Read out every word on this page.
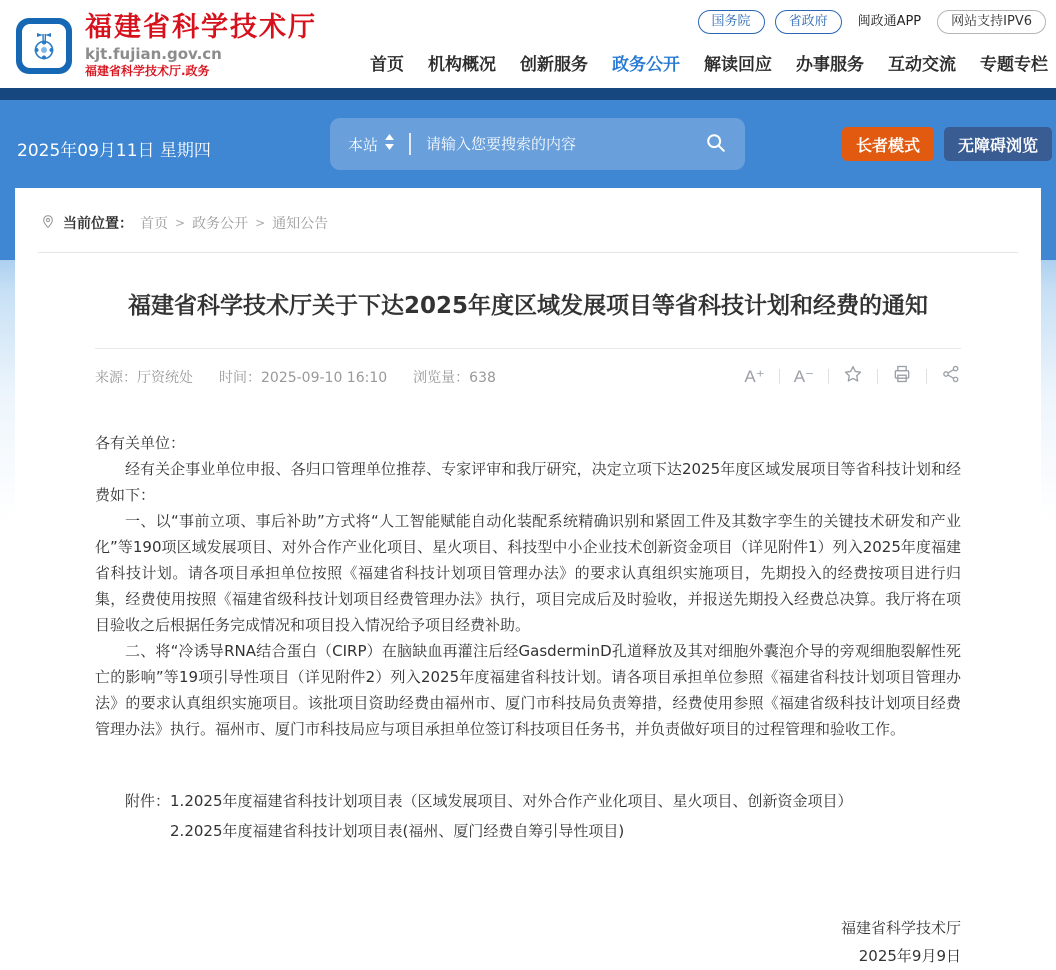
福建省科学技术厅
kjt.fujian.gov.cn
福建省科学技术厅.政务
国务院	省政府	闽政通APP	网站支持IPV6
首页 机构概况 创新服务 政务公开 解读回应 办事服务 互动交流 专题专栏
2025年09月11日 星期四	本站
请输入您要搜索的内容	长者模式	无障碍浏览
当前位置： 首页 > 政务公开 > 通知公告
福建省科学技术厅关于下达2025年度区域发展项目等省科技计划和经费的通知
来源：厅资统处 时间：2025-09-10 16:10 浏览量：638	A⁺ A⁻

各有关单位：

经有关企事业单位申报、各归口管理单位推荐、专家评审和我厅研究，决定立项下达2025年度区域发展项目等省科技计划和经费如下：

一、以“事前立项、事后补助”方式将“人工智能赋能自动化装配系统精确识别和紧固工件及其数字孪生的关键技术研发和产业化”等190项区域发展项目、对外合作产业化项目、星火项目、科技型中小企业技术创新资金项目（详见附件1）列入2025年度福建省科技计划。请各项目承担单位按照《福建省科技计划项目管理办法》的要求认真组织实施项目，先期投入的经费按项目进行归集，经费使用按照《福建省级科技计划项目经费管理办法》执行，项目完成后及时验收，并报送先期投入经费总决算。我厅将在项目验收之后根据任务完成情况和项目投入情况给予项目经费补助。

二、将“冷诱导RNA结合蛋白（CIRP）在脑缺血再灌注后经GasderminD孔道释放及其对细胞外囊泡介导的旁观细胞裂解性死亡的影响”等19项引导性项目（详见附件2）列入2025年度福建省科技计划。请各项目承担单位参照《福建省科技计划项目管理办法》的要求认真组织实施项目。该批项目资助经费由福州市、厦门市科技局负责筹措，经费使用参照《福建省级科技计划项目经费管理办法》执行。福州市、厦门市科技局应与项目承担单位签订科技项目任务书，并负责做好项目的过程管理和验收工作。

附件： 1.2025年度福建省科技计划项目表（区域发展项目、对外合作产业化项目、星火项目、创新资金项目）
2.2025年度福建省科技计划项目表(福州、厦门经费自筹引导性项目)
福建省科学技术厅
2025年9月9日
